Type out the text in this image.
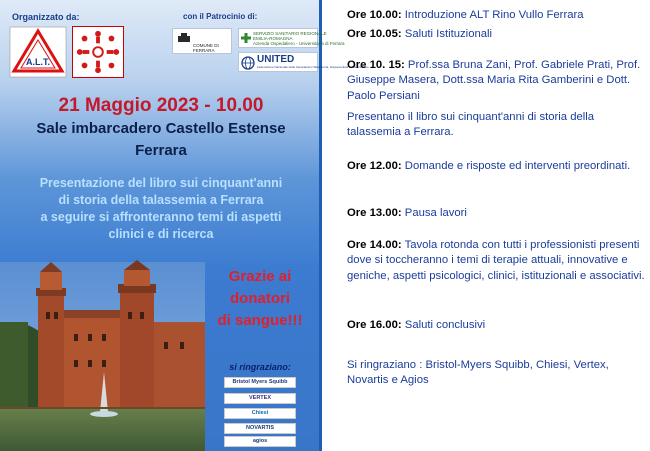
Organizzato da:	con il Patrocinio di:
A.L.T.
COMUNE DI FERRARA
SERVIZIO SANITARIO REGIONALE
EMILIA-ROMAGNA
Azienda Ospedaliero - Universitaria di Ferrara
UNITED
Federazione Nazionale delle Associazioni Talassemia, Drepanocitosi e Anemie Rare
21 Maggio 2023 - 10.00
Sale imbarcadero Castello Estense
Ferrara
Presentazione del libro sui cinquant'anni
di storia della talassemia a Ferrara
a seguire si affronteranno temi di aspetti
clinici e di ricerca
Grazie ai
donatori
di sangue!!!
si ringraziano:
Bristol Myers Squibb
VERTEX
Chiesi
NOVARTIS
agios
Ore 10.00: Introduzione ALT Rino Vullo Ferrara
Ore 10.05: Saluti Istituzionali
Ore 10. 15: Prof.ssa Bruna Zani, Prof. Gabriele Prati, Prof. Giuseppe Masera, Dott.ssa Maria Rita Gamberini e Dott. Paolo Persiani
Presentano il libro sui cinquant'anni di storia della talassemia a Ferrara.
Ore 12.00: Domande e risposte ed interventi preordinati.
Ore 13.00: Pausa lavori
Ore 14.00: Tavola rotonda con tutti i professionisti presenti dove si toccheranno i temi di terapie attuali, innovative e geniche, aspetti psicologici, clinici, istituzionali e associativi.
Ore 16.00: Saluti conclusivi
Si ringraziano : Bristol-Myers Squibb, Chiesi, Vertex, Novartis e Agios
